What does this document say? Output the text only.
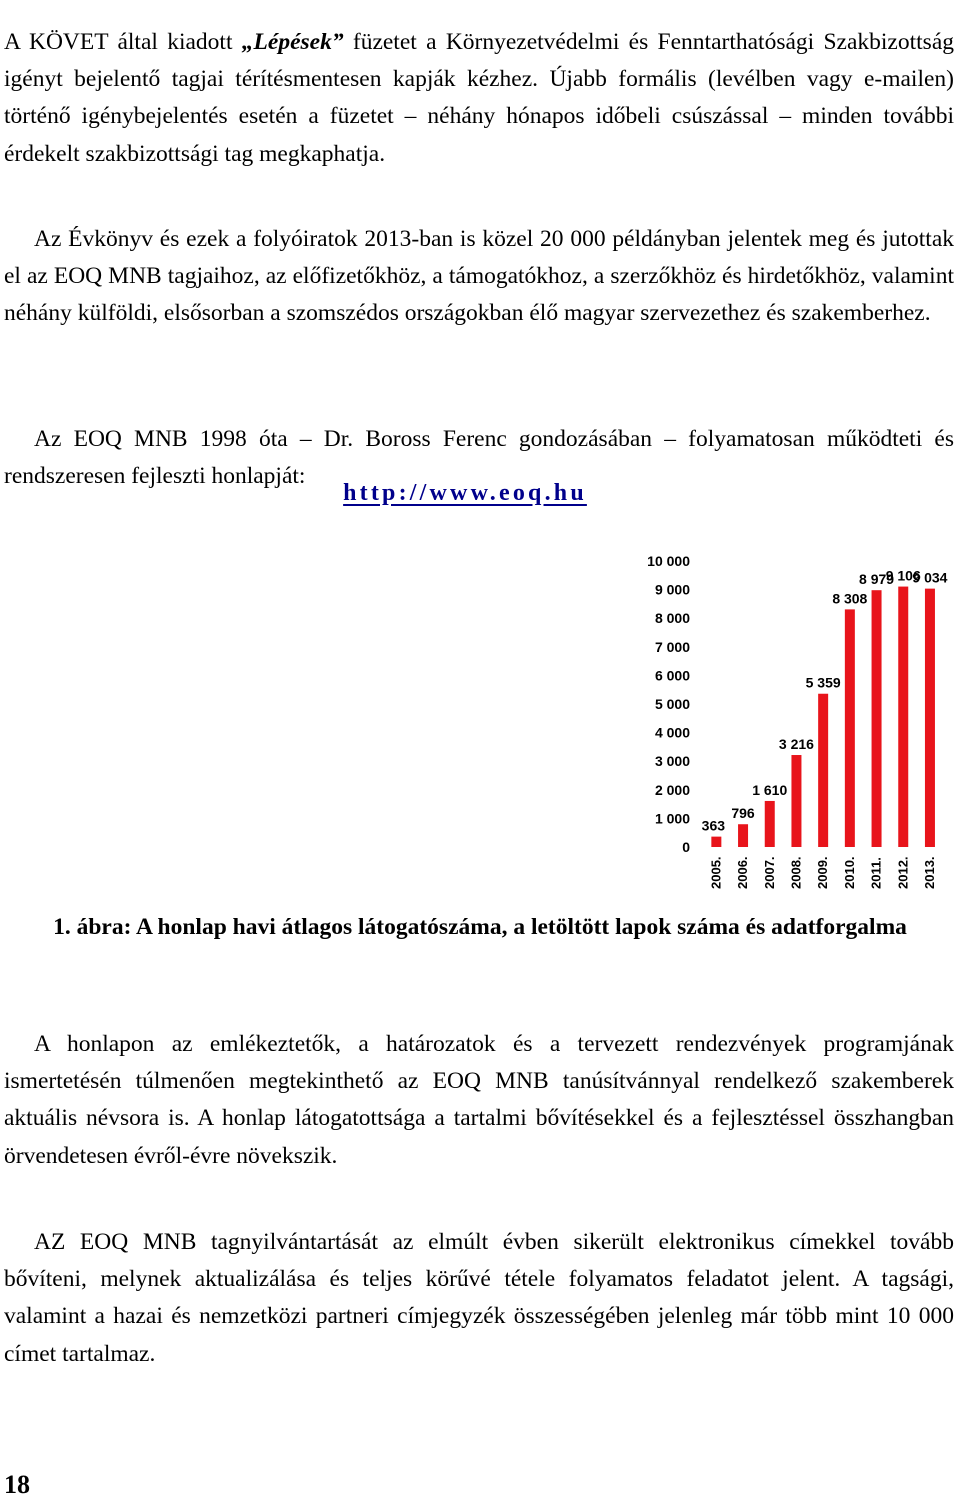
A KÖVET által kiadott „Lépések” füzetet a Környezetvédelmi és Fenntarthatósági Szakbizottság igényt bejelentő tagjai térítésmentesen kapják kézhez. Újabb formális (levélben vagy e-mailen) történő igénybejelentés esetén a füzetet – néhány hónapos időbeli csúszással – minden további érdekelt szakbizottsági tag megkaphatja.

Az Évkönyv és ezek a folyóiratok 2013-ban is közel 20 000 példányban jelentek meg és jutottak el az EOQ MNB tagjaihoz, az előfizetőkhöz, a támogatókhoz, a szerzőkhöz és hirdetőkhöz, valamint néhány külföldi, elsősorban a szomszédos országokban élő magyar szervezethez és szakemberhez.

Az EOQ MNB 1998 óta – Dr. Boross Ferenc gondozásában – folyamatosan működteti és rendszeresen fejleszti honlapját:

http://www.eoq.hu
0
1 000
2 000
3 000
4 000
5 000
6 000
7 000
8 000
9 000
10 000
363
796
1 610
3 216
5 359
8 308
8 979
9 106
9 034
2005. 2006. 2007. 2008. 2009. 2010. 2011. 2012. 2013.
1. ábra: A honlap havi átlagos látogatószáma, a letöltött lapok száma és adatforgalma

A honlapon az emlékeztetők, a határozatok és a tervezett rendezvények programjának ismertetésén túlmenően megtekinthető az EOQ MNB tanúsítvánnyal rendelkező szakemberek aktuális névsora is. A honlap látogatottsága a tartalmi bővítésekkel és a fejlesztéssel összhangban örvendetesen évről-évre növekszik.

AZ EOQ MNB tagnyilvántartását az elmúlt évben sikerült elektronikus címekkel tovább bővíteni, melynek aktualizálása és teljes körűvé tétele folyamatos feladatot jelent. A tagsági, valamint a hazai és nemzetközi partneri címjegyzék összességében jelenleg már több mint 10 000 címet tartalmaz.

18
